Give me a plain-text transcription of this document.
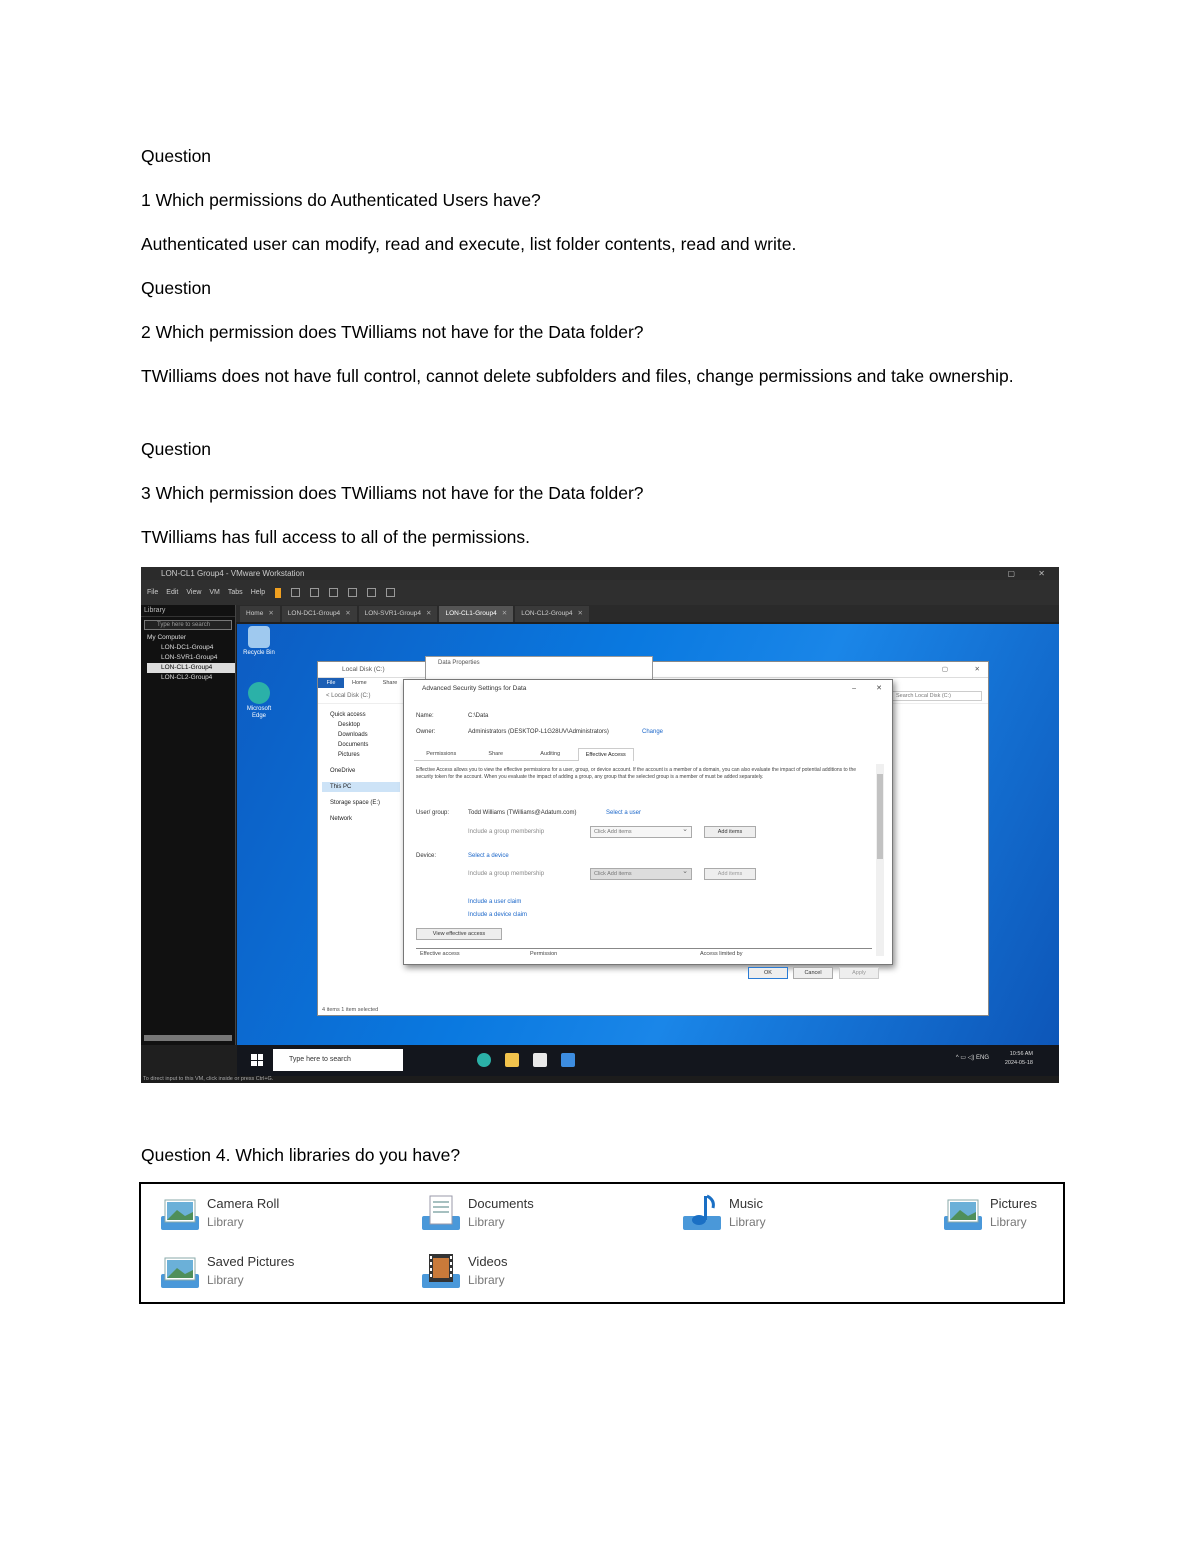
Question

1 Which permissions do Authenticated Users have?

Authenticated user can modify, read and execute, list folder contents, read and write.

Question

2 Which permission does TWilliams not have for the Data folder?

TWilliams does not have full control, cannot delete subfolders and files, change permissions and take ownership.

Question

3 Which permission does TWilliams not have for the Data folder?

TWilliams has full access to all of the permissions.

LON-CL1 Group4 - VMware Workstation	▢	✕
File Edit View VM Tabs Help
Library
Type here to search
My Computer
LON-DC1-Group4
LON-SVR1-Group4
LON-CL1-Group4
LON-CL2-Group4
Home ✕	LON-DC1-Group4 ✕	LON-SVR1-Group4 ✕	LON-CL1-Group4 ✕	LON-CL2-Group4 ✕
Recycle Bin
Microsoft Edge
Local Disk (C:)	▢	✕
File	Home	Share
< Local Disk (C:)	Search Local Disk (C:)
Quick access
Desktop
Downloads
Documents
Pictures
OneDrive
This PC
Storage space (E:)
Network
4 items 1 item selected
Data Properties
Advanced Security Settings for Data	–	✕
Name:	C:\Data
Owner:	Administrators (DESKTOP-L1G28UV\Administrators)	Change
Permissions	Share	Auditing	Effective Access
Effective Access allows you to view the effective permissions for a user, group, or device account. If the account is a member of a domain, you can also evaluate the impact of potential additions to the security token for the account. When you evaluate the impact of adding a group, any group that the selected group is a member of must be added separately.
User/ group:	Todd Williams (TWilliams@Adatum.com)	Select a user
Include a group membership	Click Add items ⌄	Add items
Device:	Select a device
Include a group membership	Click Add items ⌄	Add items
Include a user claim
Include a device claim
View effective access
Effective access	Permission	Access limited by
OK	Cancel	Apply
Type here to search	^ ▭ ◁) ENG
10:56 AM
2024-05-18
To direct input to this VM, click inside or press Ctrl+G.

Question 4. Which libraries do you have?

Camera Roll
Library
Documents
Library
Music
Library
Pictures
Library
Saved Pictures
Library
Videos
Library
